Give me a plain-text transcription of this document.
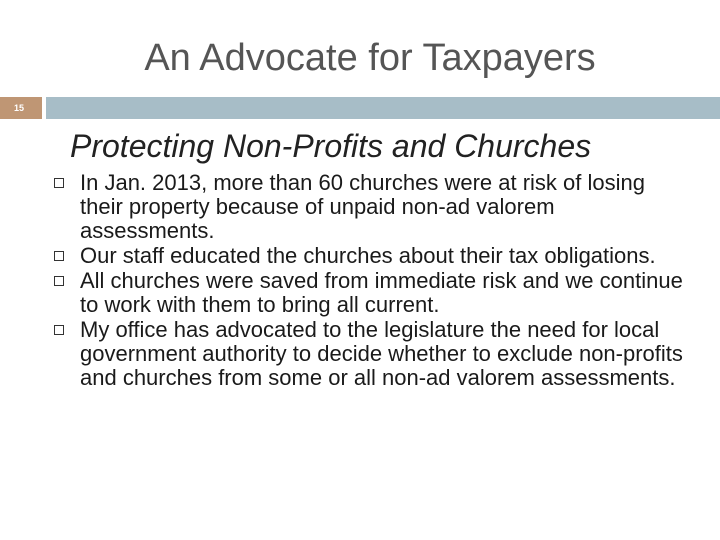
An Advocate for Taxpayers
15
Protecting Non-Profits and Churches
In Jan. 2013, more than 60 churches were at risk of losing their property because of unpaid non-ad valorem assessments.
Our staff educated the churches about their tax obligations.
All churches were saved from immediate risk and we continue to work with them to bring all current.
My office has advocated to the legislature the need for local government authority to decide whether to exclude non-profits and churches from some or all non-ad valorem assessments.
